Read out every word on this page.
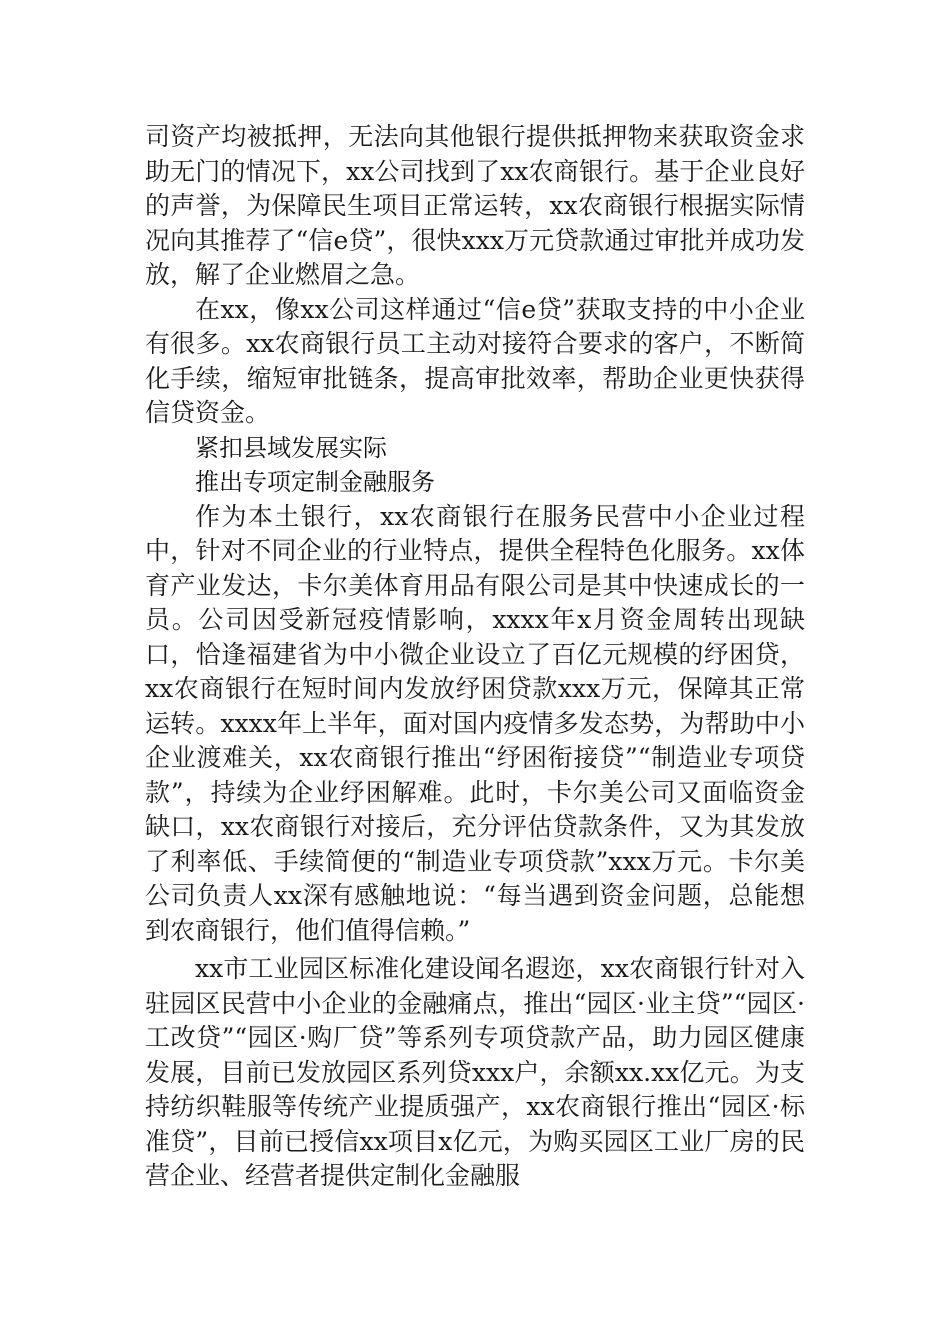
司资产均被抵押，无法向其他银行提供抵押物来获取资金求助无门的情况下，xx公司找到了xx农商银行。基于企业良好的声誉，为保障民生项目正常运转，xx农商银行根据实际情况向其推荐了“信e贷”，很快xxx万元贷款通过审批并成功发放，解了企业燃眉之急。

在xx，像xx公司这样通过“信e贷”获取支持的中小企业有很多。xx农商银行员工主动对接符合要求的客户，不断简化手续，缩短审批链条，提高审批效率，帮助企业更快获得信贷资金。

紧扣县域发展实际
推出专项定制金融服务

作为本土银行，xx农商银行在服务民营中小企业过程中，针对不同企业的行业特点，提供全程特色化服务。xx体育产业发达，卡尔美体育用品有限公司是其中快速成长的一员。公司因受新冠疫情影响，xxxx年x月资金周转出现缺口，恰逢福建省为中小微企业设立了百亿元规模的纾困贷，xx农商银行在短时间内发放纾困贷款xxx万元，保障其正常运转。xxxx年上半年，面对国内疫情多发态势，为帮助中小企业渡难关，xx农商银行推出“纾困衔接贷”“制造业专项贷款”，持续为企业纾困解难。此时，卡尔美公司又面临资金缺口，xx农商银行对接后，充分评估贷款条件，又为其发放了利率低、手续简便的“制造业专项贷款”xxx万元。卡尔美公司负责人xx深有感触地说：“每当遇到资金问题，总能想到农商银行，他们值得信赖。”

xx市工业园区标准化建设闻名遐迩，xx农商银行针对入驻园区民营中小企业的金融痛点，推出“园区·业主贷”“园区·工改贷”“园区·购厂贷”等系列专项贷款产品，助力园区健康发展，目前已发放园区系列贷xxx户，余额xx.xx亿元。为支持纺织鞋服等传统产业提质强产，xx农商银行推出“园区·标准贷”，目前已授信xx项目x亿元，为购买园区工业厂房的民营企业、经营者提供定制化金融服
